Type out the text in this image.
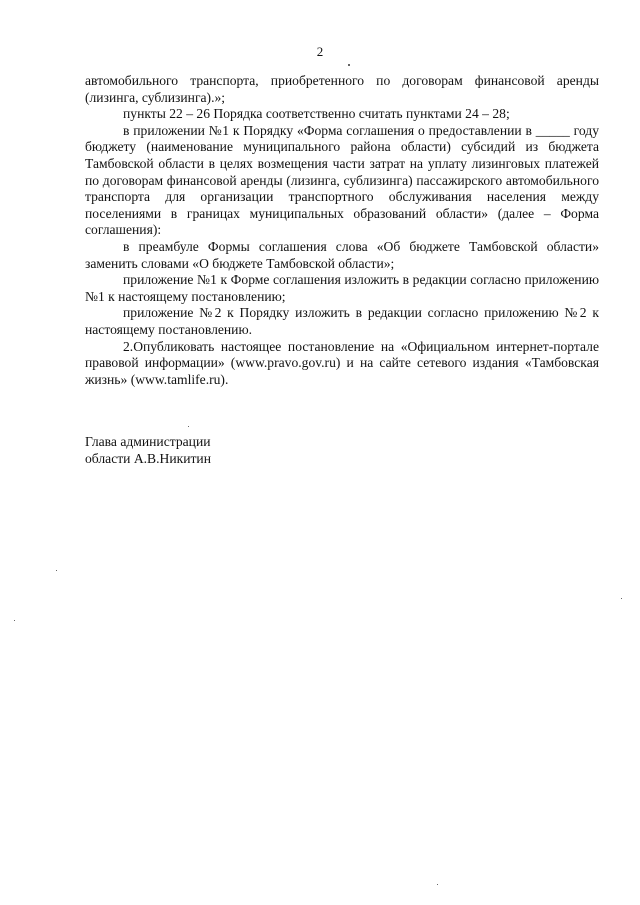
2

автомобильного транспорта, приобретенного по договорам финансовой аренды (лизинга, сублизинга).»;

пункты 22 – 26 Порядка соответственно считать пунктами 24 – 28;

в приложении №1 к Порядку «Форма соглашения о предоставлении в _____ году бюджету (наименование муниципального района области) субсидий из бюджета Тамбовской области в целях возмещения части затрат на уплату лизинговых платежей по договорам финансовой аренды (лизинга, сублизинга) пассажирского автомобильного транспорта для организации транспортного обслуживания населения между поселениями в границах муниципальных образований области» (далее – Форма соглашения):

в преамбуле Формы соглашения слова «Об бюджете Тамбовской области» заменить словами «О бюджете Тамбовской области»;

приложение №1 к Форме соглашения изложить в редакции согласно приложению №1 к настоящему постановлению;

приложение №2 к Порядку изложить в редакции согласно приложению №2 к настоящему постановлению.

2.Опубликовать настоящее постановление на «Официальном интернет-портале правовой информации» (www.pravo.gov.ru) и на сайте сетевого издания «Тамбовская жизнь» (www.tamlife.ru).

Глава администрации
области А.В.Никитин
